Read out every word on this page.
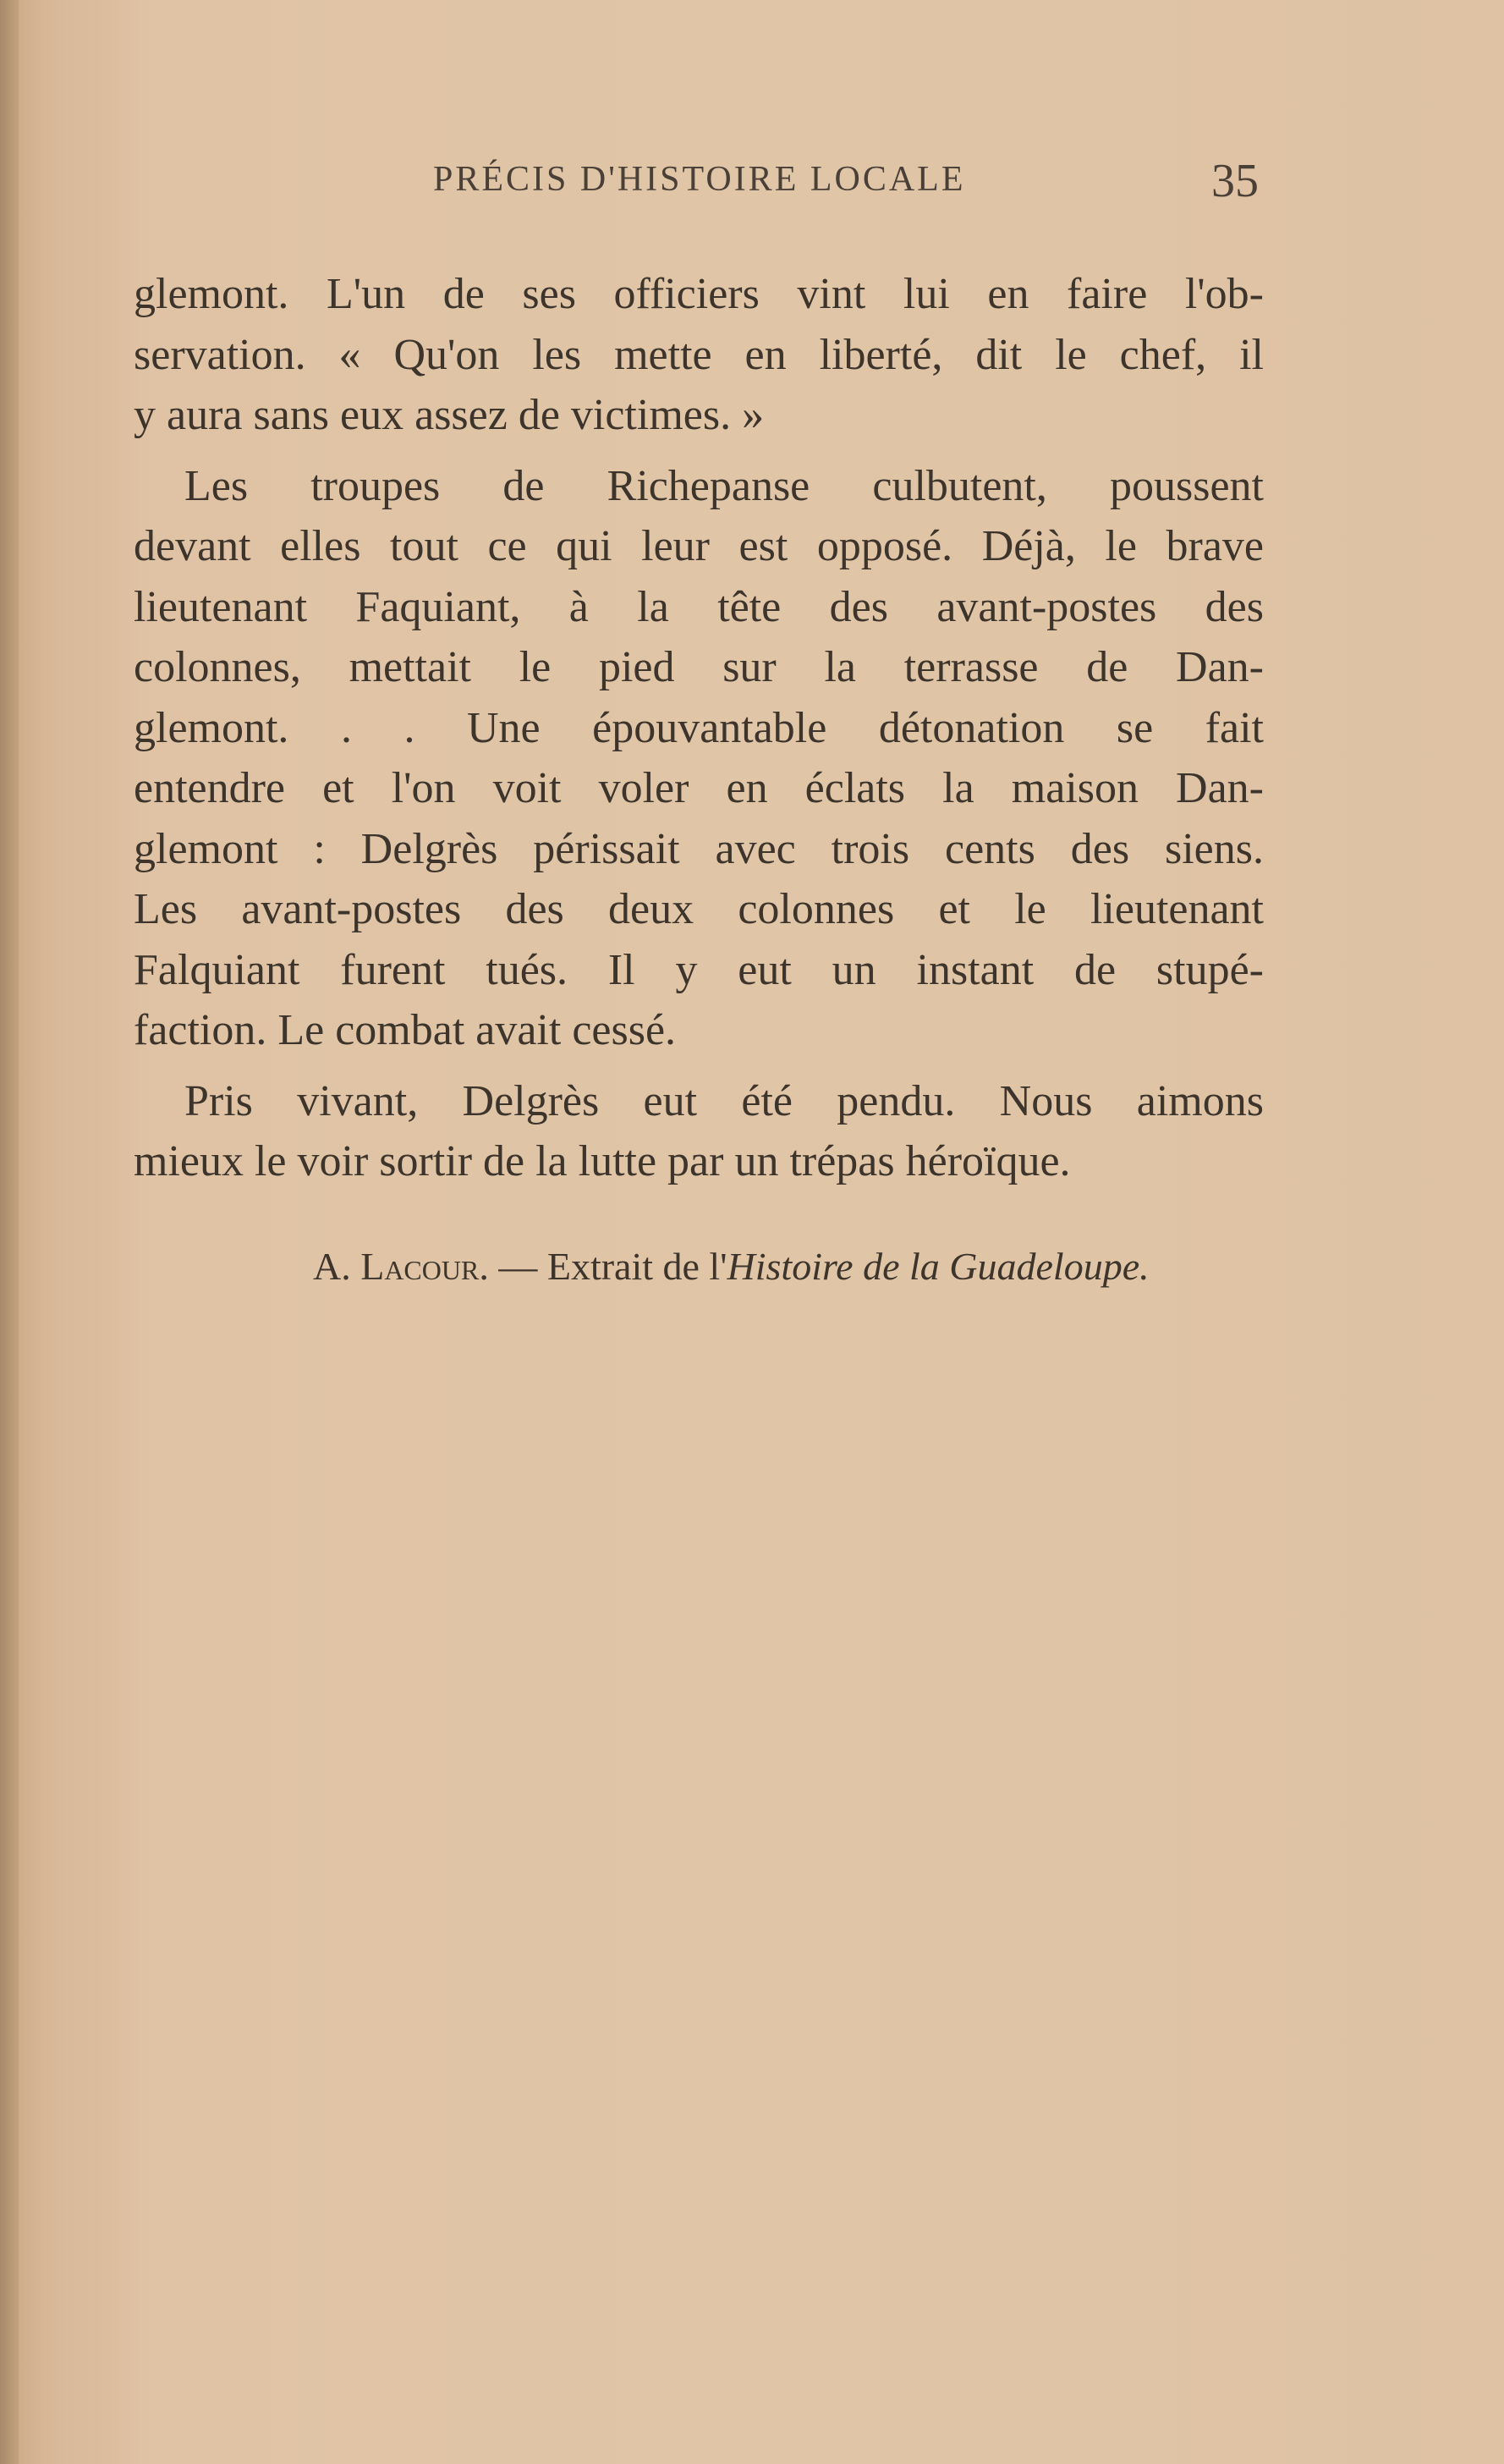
PRÉCIS D'HISTOIRE LOCALE	35
glemont. L'un de ses officiers vint lui en faire l'ob-
servation. « Qu'on les mette en liberté, dit le chef, il
y aura sans eux assez de victimes. »
Les troupes de Richepanse culbutent, poussent
devant elles tout ce qui leur est opposé. Déjà, le brave
lieutenant Faquiant, à la tête des avant-postes des
colonnes, mettait le pied sur la terrasse de Dan-
glemont. . . Une épouvantable détonation se fait
entendre et l'on voit voler en éclats la maison Dan-
glemont : Delgrès périssait avec trois cents des siens.
Les avant-postes des deux colonnes et le lieutenant
Falquiant furent tués. Il y eut un instant de stupé-
faction. Le combat avait cessé.
Pris vivant, Delgrès eut été pendu. Nous aimons
mieux le voir sortir de la lutte par un trépas héroïque.
A. Lacour. — Extrait de l'Histoire de la Guadeloupe.
